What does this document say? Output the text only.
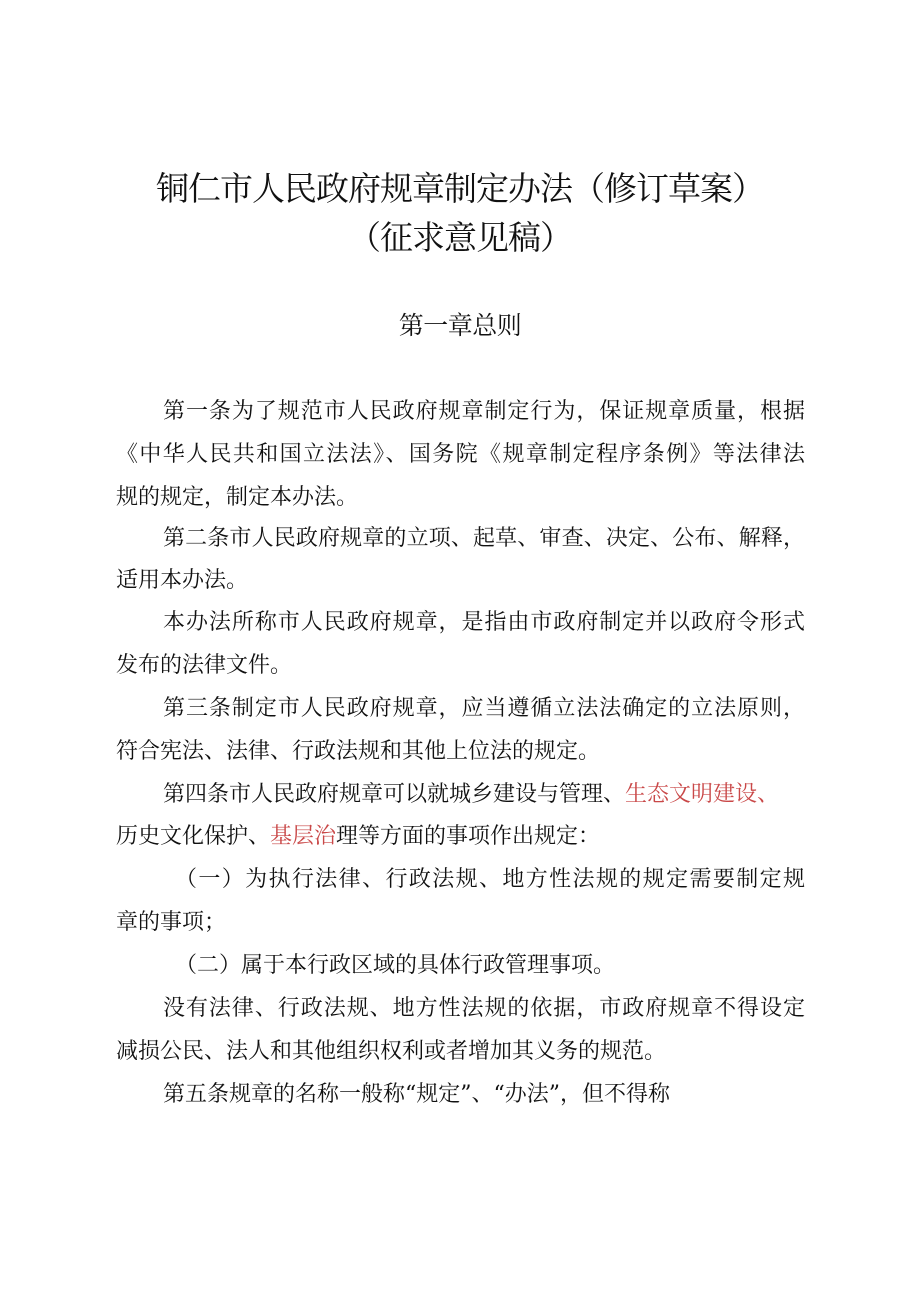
铜仁市人民政府规章制定办法（修订草案）
（征求意见稿）
第一章总则
第一条为了规范市人民政府规章制定行为，保证规章质量，根据
《中华人民共和国立法法》、国务院《规章制定程序条例》等法律法
规的规定，制定本办法。
第二条市人民政府规章的立项、起草、审查、决定、公布、解释，
适用本办法。
本办法所称市人民政府规章，是指由市政府制定并以政府令形式
发布的法律文件。
第三条制定市人民政府规章，应当遵循立法法确定的立法原则，
符合宪法、法律、行政法规和其他上位法的规定。
第四条市人民政府规章可以就城乡建设与管理、生态文明建设、
历史文化保护、基层治理等方面的事项作出规定：
（一）为执行法律、行政法规、地方性法规的规定需要制定规
章的事项；
（二）属于本行政区域的具体行政管理事项。
没有法律、行政法规、地方性法规的依据，市政府规章不得设定
减损公民、法人和其他组织权利或者增加其义务的规范。
第五条规章的名称一般称“规定”、“办法”，但不得称
